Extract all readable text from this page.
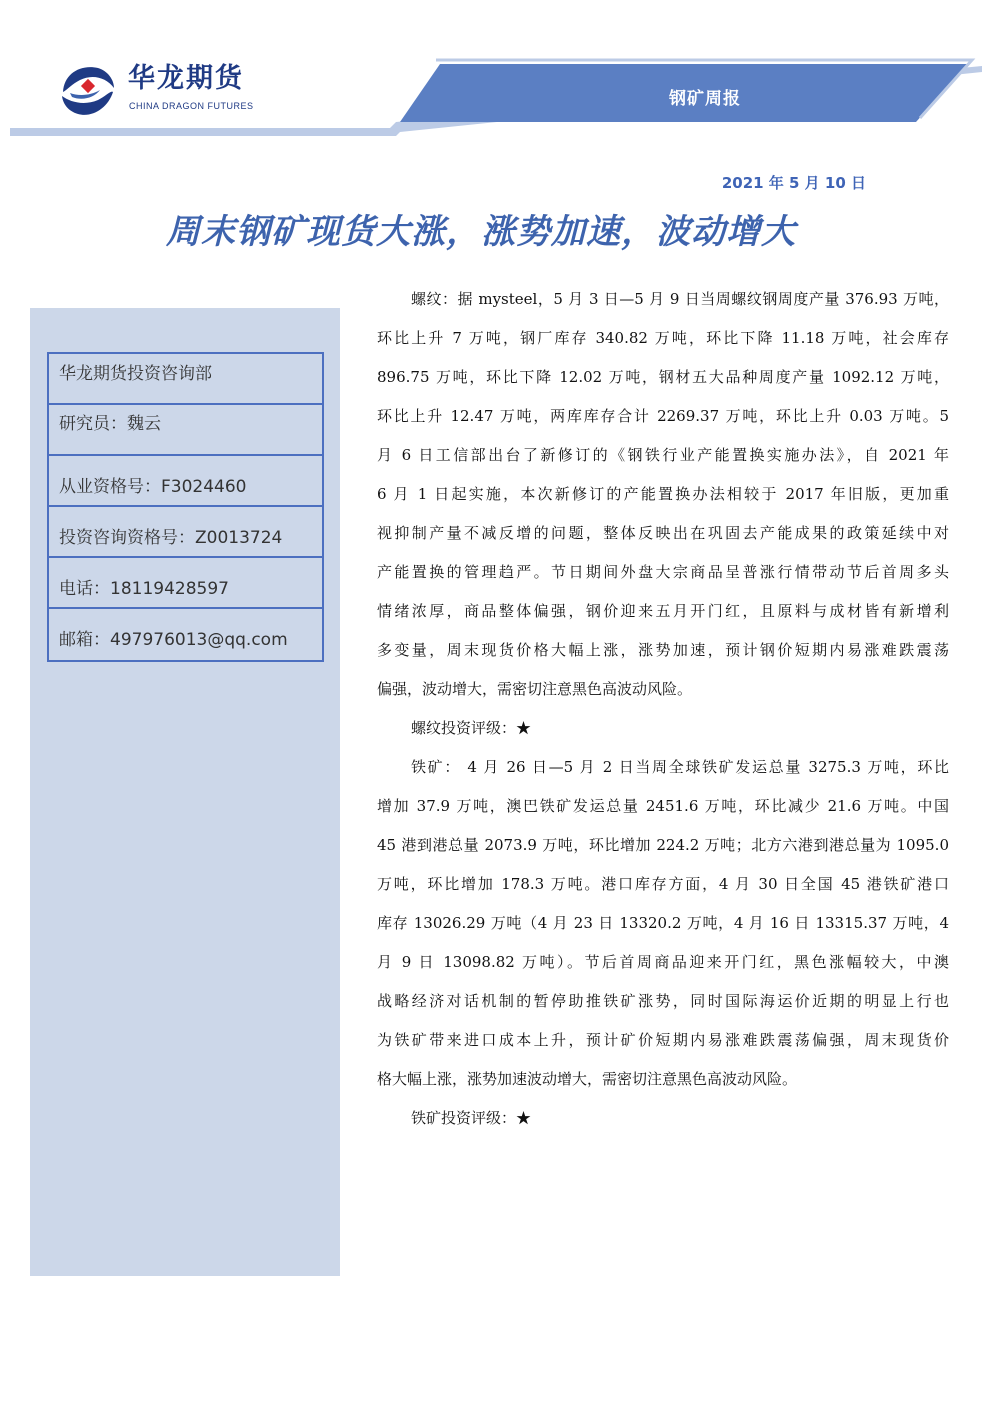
华龙期货
CHINA DRAGON FUTURES	钢矿周报
2021 年 5 月 10 日
周末钢矿现货大涨，涨势加速，波动增大
华龙期货投资咨询部
研究员：魏云
从业资格号：F3024460
投资咨询资格号：Z0013724
电话：18119428597
邮箱：497976013@qq.com
螺纹：据 mysteel，5 月 3 日—5 月 9 日当周螺纹钢周度产量 376.93 万吨，
环比上升 7 万吨，钢厂库存 340.82 万吨，环比下降 11.18 万吨，社会库存
896.75 万吨，环比下降 12.02 万吨，钢材五大品种周度产量 1092.12 万吨，
环比上升 12.47 万吨，两库库存合计 2269.37 万吨，环比上升 0.03 万吨。5
月 6 日工信部出台了新修订的《钢铁行业产能置换实施办法》，自 2021 年
6 月 1 日起实施，本次新修订的产能置换办法相较于 2017 年旧版，更加重
视抑制产量不减反增的问题，整体反映出在巩固去产能成果的政策延续中对
产能置换的管理趋严。节日期间外盘大宗商品呈普涨行情带动节后首周多头
情绪浓厚，商品整体偏强，钢价迎来五月开门红，且原料与成材皆有新增利
多变量，周末现货价格大幅上涨，涨势加速，预计钢价短期内易涨难跌震荡
偏强，波动增大，需密切注意黑色高波动风险。
螺纹投资评级：★
铁矿： 4 月 26 日—5 月 2 日当周全球铁矿发运总量 3275.3 万吨，环比
增加 37.9 万吨，澳巴铁矿发运总量 2451.6 万吨，环比减少 21.6 万吨。中国
45 港到港总量 2073.9 万吨，环比增加 224.2 万吨；北方六港到港总量为 1095.0
万吨，环比增加 178.3 万吨。港口库存方面，4 月 30 日全国 45 港铁矿港口
库存 13026.29 万吨（4 月 23 日 13320.2 万吨，4 月 16 日 13315.37 万吨，4
月 9 日 13098.82 万吨）。节后首周商品迎来开门红，黑色涨幅较大，中澳
战略经济对话机制的暂停助推铁矿涨势，同时国际海运价近期的明显上行也
为铁矿带来进口成本上升，预计矿价短期内易涨难跌震荡偏强，周末现货价
格大幅上涨，涨势加速波动增大，需密切注意黑色高波动风险。
铁矿投资评级：★
